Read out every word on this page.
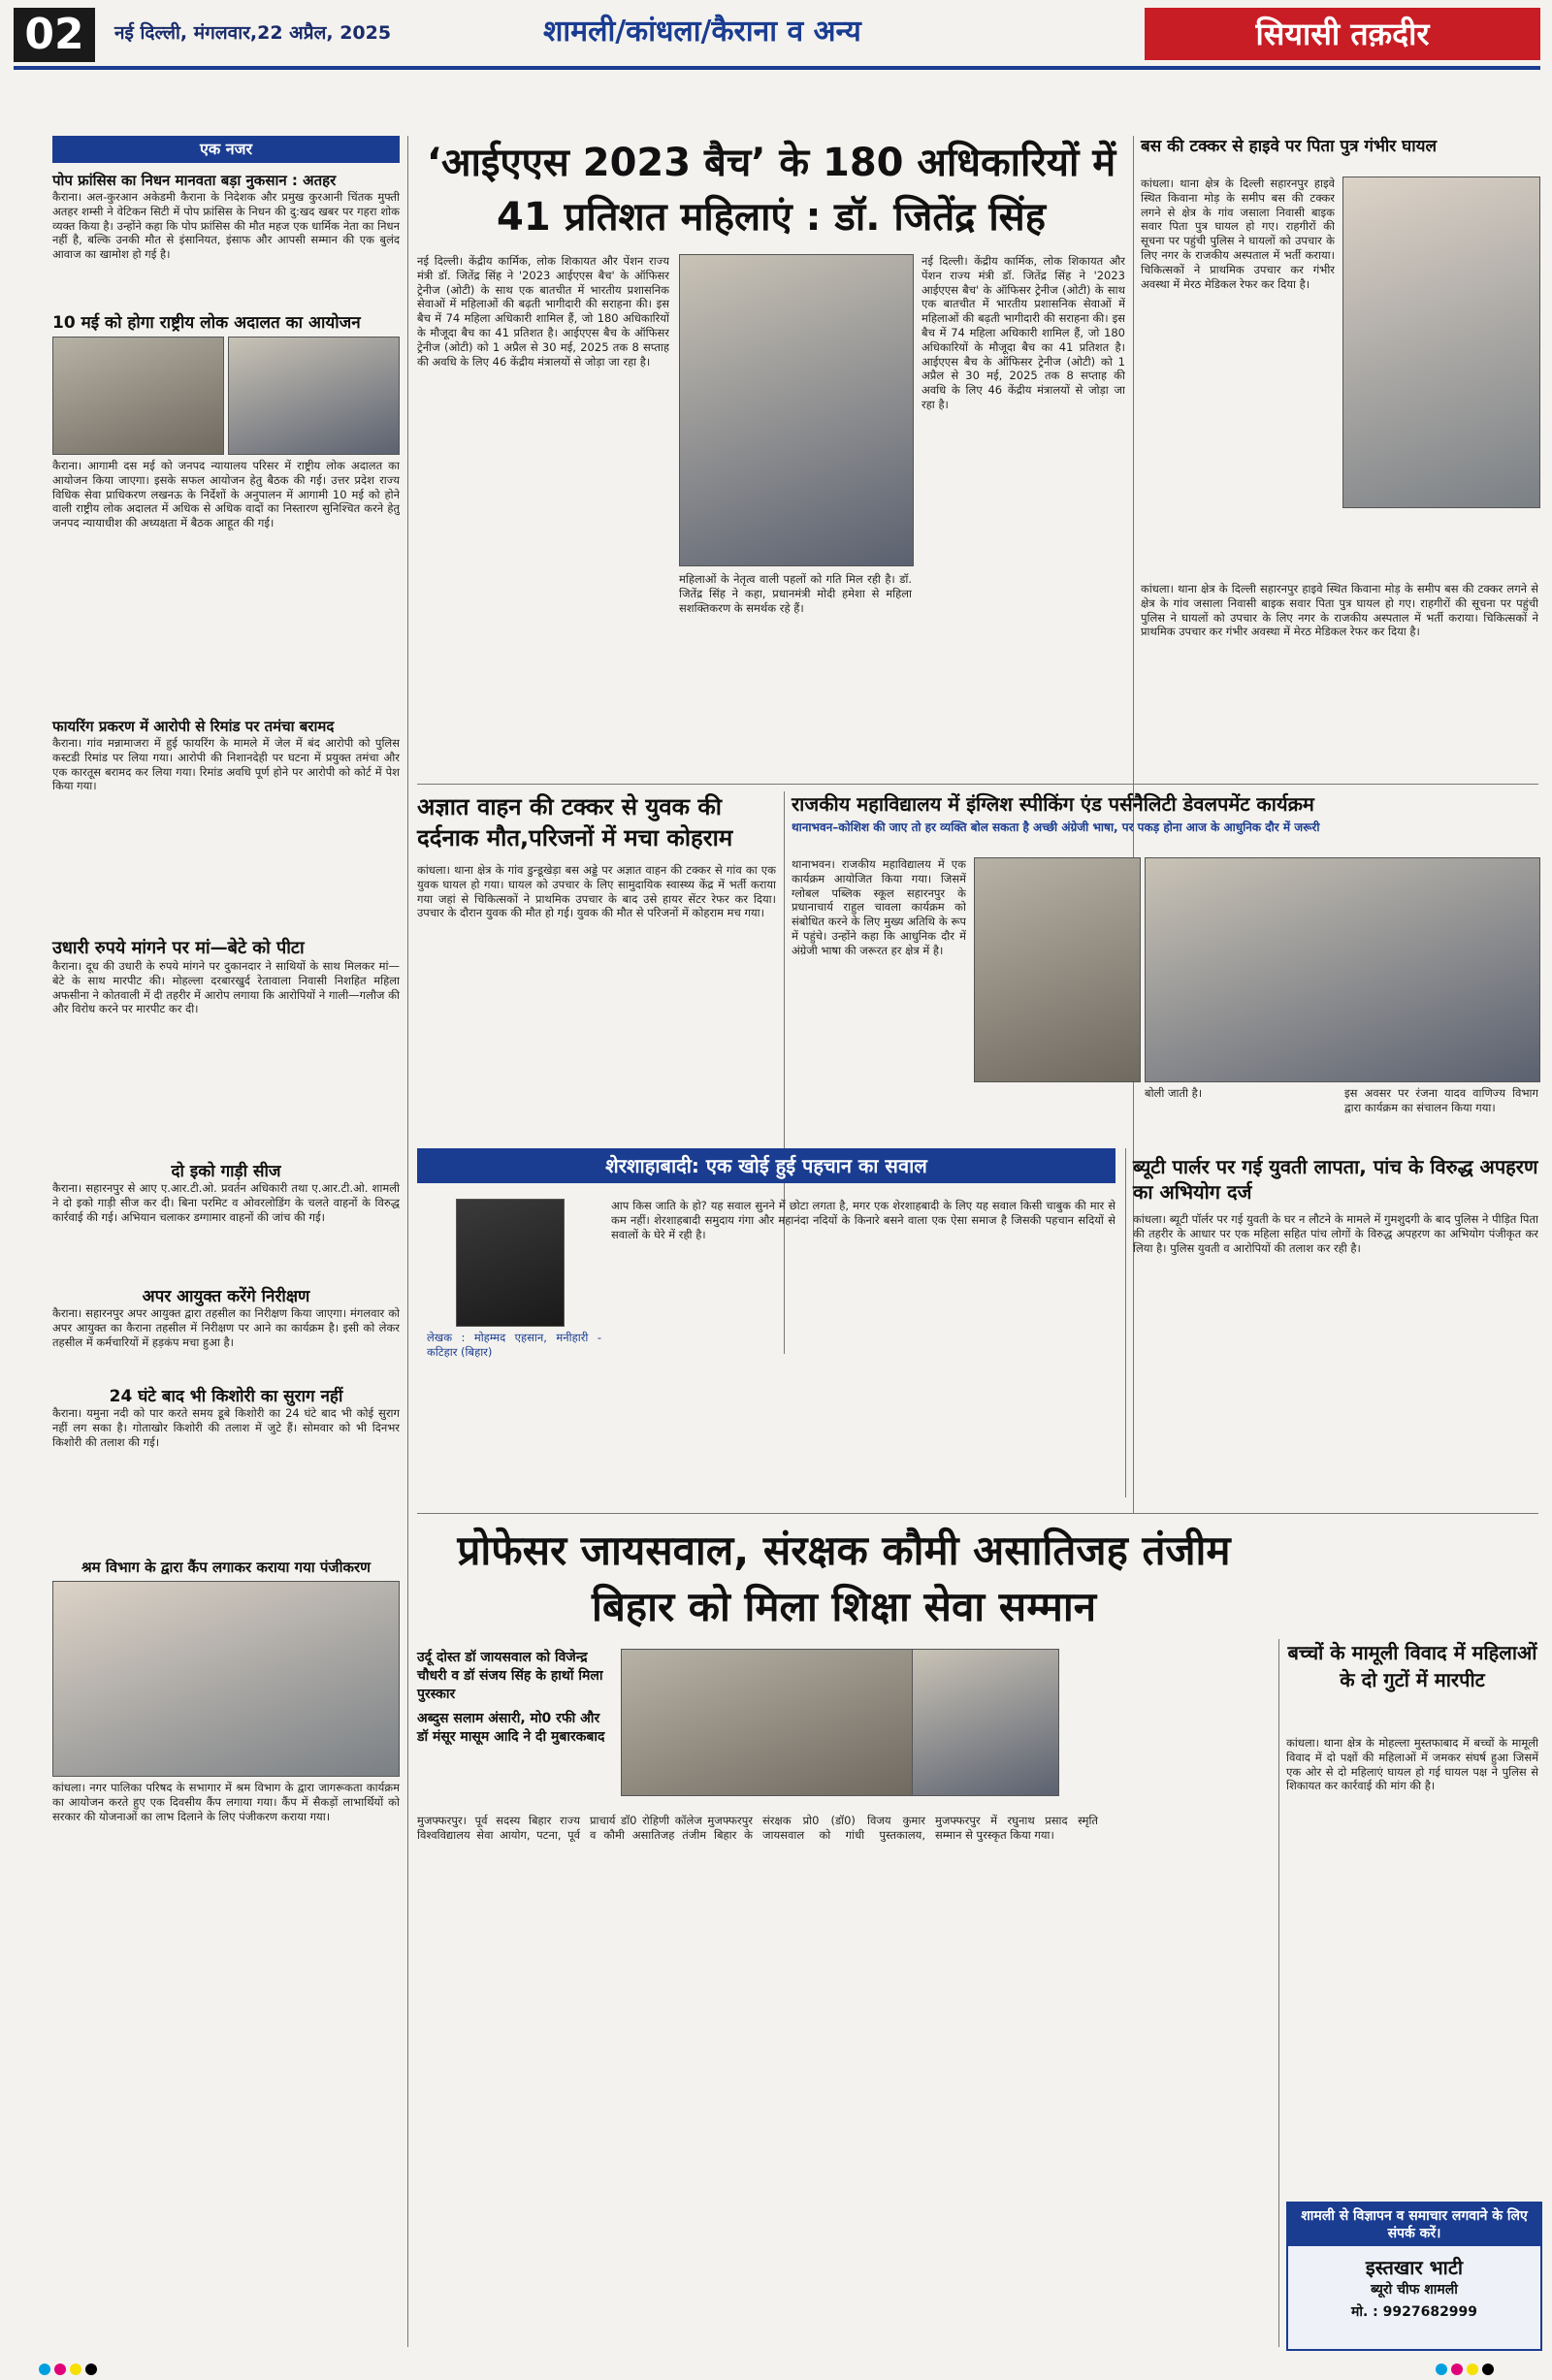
02	नई दिल्ली, मंगलवार,22 अप्रैल, 2025	शामली/कांधला/कैराना व अन्य	सियासी तक़दीर
एक नजर
पोप फ्रांसिस का निधन मानवता बड़ा नुकसान : अतहर
कैराना। अल-कुरआन अकेडमी कैराना के निदेशक और प्रमुख कुरआनी चिंतक मुफ्ती अतहर शम्सी ने वेटिकन सिटी में पोप फ्रांसिस के निधन की दु:खद खबर पर गहरा शोक व्यक्त किया है। उन्होंने कहा कि पोप फ्रांसिस की मौत महज एक धार्मिक नेता का निधन नहीं है, बल्कि उनकी मौत से इंसानियत, इंसाफ और आपसी सम्मान की एक बुलंद आवाज का खामोश हो गई है।
10 मई को होगा राष्ट्रीय लोक अदालत का आयोजन
कैराना। आगामी दस मई को जनपद न्यायालय परिसर में राष्ट्रीय लोक अदालत का आयोजन किया जाएगा। इसके सफल आयोजन हेतु बैठक की गई। उत्तर प्रदेश राज्य विधिक सेवा प्राधिकरण लखनऊ के निर्देशों के अनुपालन में आगामी 10 मई को होने वाली राष्ट्रीय लोक अदालत में अधिक से अधिक वादों का निस्तारण सुनिश्चित करने हेतु जनपद न्यायाधीश की अध्यक्षता में बैठक आहूत की गई।
फायरिंग प्रकरण में आरोपी से रिमांड पर तमंचा बरामद
कैराना। गांव मन्नामाजरा में हुई फायरिंग के मामले में जेल में बंद आरोपी को पुलिस कस्टडी रिमांड पर लिया गया। आरोपी की निशानदेही पर घटना में प्रयुक्त तमंचा और एक कारतूस बरामद कर लिया गया। रिमांड अवधि पूर्ण होने पर आरोपी को कोर्ट में पेश किया गया।
उधारी रुपये मांगने पर मां—बेटे को पीटा
कैराना। दूध की उधारी के रुपये मांगने पर दुकानदार ने साथियों के साथ मिलकर मां—बेटे के साथ मारपीट की। मोहल्ला दरबारखुर्द रेतावाला निवासी निशहित महिला अफसीना ने कोतवाली में दी तहरीर में आरोप लगाया कि आरोपियों ने गाली—गलौज की और विरोध करने पर मारपीट कर दी।
दो इको गाड़ी सीज
कैराना। सहारनपुर से आए ए.आर.टी.ओ. प्रवर्तन अधिकारी तथा ए.आर.टी.ओ. शामली ने दो इको गाड़ी सीज कर दी। बिना परमिट व ओवरलोडिंग के चलते वाहनों के विरुद्ध कार्रवाई की गई। अभियान चलाकर डग्गामार वाहनों की जांच की गई।
अपर आयुक्त करेंगे निरीक्षण
कैराना। सहारनपुर अपर आयुक्त द्वारा तहसील का निरीक्षण किया जाएगा। मंगलवार को अपर आयुक्त का कैराना तहसील में निरीक्षण पर आने का कार्यक्रम है। इसी को लेकर तहसील में कर्मचारियों में हड़कंप मचा हुआ है।
24 घंटे बाद भी किशोरी का सुराग नहीं
कैराना। यमुना नदी को पार करते समय डूबे किशोरी का 24 घंटे बाद भी कोई सुराग नहीं लग सका है। गोताखोर किशोरी की तलाश में जुटे हैं। सोमवार को भी दिनभर किशोरी की तलाश की गई।
श्रम विभाग के द्वारा कैंप लगाकर कराया गया पंजीकरण
कांधला। नगर पालिका परिषद के सभागार में श्रम विभाग के द्वारा जागरूकता कार्यक्रम का आयोजन करते हुए एक दिवसीय कैंप लगाया गया। कैंप में सैकड़ों लाभार्थियों को सरकार की योजनाओं का लाभ दिलाने के लिए पंजीकरण कराया गया।
‘आईएएस 2023 बैच’ के 180 अधिकारियों में 41 प्रतिशत महिलाएं : डॉ. जितेंद्र सिंह
नई दिल्ली। केंद्रीय कार्मिक, लोक शिकायत और पेंशन राज्य मंत्री डॉ. जितेंद्र सिंह ने '2023 आईएएस बैच' के ऑफिसर ट्रेनीज (ओटी) के साथ एक बातचीत में भारतीय प्रशासनिक सेवाओं में महिलाओं की बढ़ती भागीदारी की सराहना की। इस बैच में 74 महिला अधिकारी शामिल हैं, जो 180 अधिकारियों के मौजूदा बैच का 41 प्रतिशत है। आईएएस बैच के ऑफिसर ट्रेनीज (ओटी) को 1 अप्रैल से 30 मई, 2025 तक 8 सप्ताह की अवधि के लिए 46 केंद्रीय मंत्रालयों से जोड़ा जा रहा है।
महिलाओं के नेतृत्व वाली पहलों को गति मिल रही है। डॉ. जितेंद्र सिंह ने कहा, प्रधानमंत्री मोदी हमेशा से महिला सशक्तिकरण के समर्थक रहे हैं।
नई दिल्ली। केंद्रीय कार्मिक, लोक शिकायत और पेंशन राज्य मंत्री डॉ. जितेंद्र सिंह ने '2023 आईएएस बैच' के ऑफिसर ट्रेनीज (ओटी) के साथ एक बातचीत में भारतीय प्रशासनिक सेवाओं में महिलाओं की बढ़ती भागीदारी की सराहना की। इस बैच में 74 महिला अधिकारी शामिल हैं, जो 180 अधिकारियों के मौजूदा बैच का 41 प्रतिशत है। आईएएस बैच के ऑफिसर ट्रेनीज (ओटी) को 1 अप्रैल से 30 मई, 2025 तक 8 सप्ताह की अवधि के लिए 46 केंद्रीय मंत्रालयों से जोड़ा जा रहा है।
बस की टक्कर से हाइवे पर पिता पुत्र गंभीर घायल
कांधला। थाना क्षेत्र के दिल्ली सहारनपुर हाइवे स्थित किवाना मोड़ के समीप बस की टक्कर लगने से क्षेत्र के गांव जसाला निवासी बाइक सवार पिता पुत्र घायल हो गए। राहगीरों की सूचना पर पहुंची पुलिस ने घायलों को उपचार के लिए नगर के राजकीय अस्पताल में भर्ती कराया। चिकित्सकों ने प्राथमिक उपचार कर गंभीर अवस्था में मेरठ मेडिकल रेफर कर दिया है।
कांधला। थाना क्षेत्र के दिल्ली सहारनपुर हाइवे स्थित किवाना मोड़ के समीप बस की टक्कर लगने से क्षेत्र के गांव जसाला निवासी बाइक सवार पिता पुत्र घायल हो गए। राहगीरों की सूचना पर पहुंची पुलिस ने घायलों को उपचार के लिए नगर के राजकीय अस्पताल में भर्ती कराया। चिकित्सकों ने प्राथमिक उपचार कर गंभीर अवस्था में मेरठ मेडिकल रेफर कर दिया है।
अज्ञात वाहन की टक्कर से युवक की दर्दनाक मौत,परिजनों में मचा कोहराम
कांधला। थाना क्षेत्र के गांव डुन्डूखेड़ा बस अड्डे पर अज्ञात वाहन की टक्कर से गांव का एक युवक घायल हो गया। घायल को उपचार के लिए सामुदायिक स्वास्थ्य केंद्र में भर्ती कराया गया जहां से चिकित्सकों ने प्राथमिक उपचार के बाद उसे हायर सेंटर रेफर कर दिया। उपचार के दौरान युवक की मौत हो गई। युवक की मौत से परिजनों में कोहराम मच गया।
राजकीय महाविद्यालय में इंग्लिश स्पीकिंग एंड पर्सनैलिटी डेवलपमेंट कार्यक्रम
थानाभवन–कोशिश की जाए तो हर व्यक्ति बोल सकता है अच्छी अंग्रेजी भाषा, पर पकड़ होना आज के आधुनिक दौर में जरूरी
थानाभवन। राजकीय महाविद्यालय में एक कार्यक्रम आयोजित किया गया। जिसमें ग्लोबल पब्लिक स्कूल सहारनपुर के प्रधानाचार्य राहुल चावला कार्यक्रम को संबोधित करने के लिए मुख्य अतिथि के रूप में पहुंचे। उन्होंने कहा कि आधुनिक दौर में अंग्रेजी भाषा की जरूरत हर क्षेत्र में है।
बोली जाती है।	इस अवसर पर रंजना यादव वाणिज्य विभाग द्वारा कार्यक्रम का संचालन किया गया।
शेरशाहाबादी: एक खोई हुई पहचान का सवाल
लेखक : मोहम्मद एहसान, मनीहारी - कटिहार (बिहार)
आप किस जाति के हो? यह सवाल सुनने में छोटा लगता है, मगर एक शेरशाहबादी के लिए यह सवाल किसी चाबुक की मार से कम नहीं। शेरशाहबादी समुदाय गंगा और महानंदा नदियों के किनारे बसने वाला एक ऐसा समाज है जिसकी पहचान सदियों से सवालों के घेरे में रही है।
ब्यूटी पार्लर पर गई युवती लापता, पांच के विरुद्ध अपहरण का अभियोग दर्ज
कांधला। ब्यूटी पॉर्लर पर गई युवती के घर न लौटने के मामले में गुमशुदगी के बाद पुलिस ने पीड़ित पिता की तहरीर के आधार पर एक महिला सहित पांच लोगों के विरुद्ध अपहरण का अभियोग पंजीकृत कर लिया है। पुलिस युवती व आरोपियों की तलाश कर रही है।
प्रोफेसर जायसवाल, संरक्षक कौमी असातिजह तंजीम बिहार को मिला शिक्षा सेवा सम्मान
उर्दू दोस्त डॉ जायसवाल को विजेन्द्र चौधरी व डॉ संजय सिंह के हाथों मिला पुरस्कार
अब्दुस सलाम अंसारी, मो0 रफी और डॉ मंसूर मासूम आदि ने दी मुबारकबाद
मुजफ्फरपुर। पूर्व सदस्य बिहार राज्य विश्वविद्यालय सेवा आयोग, पटना, पूर्व प्राचार्य डॉ0 रोहिणी कॉलेज मुजफ्फरपुर व कौमी असातिजह तंजीम बिहार के संरक्षक प्रो0 (डॉ0) विजय कुमार जायसवाल को गांधी पुस्तकालय, मुजफ्फरपुर में रघुनाथ प्रसाद स्मृति सम्मान से पुरस्कृत किया गया।
बच्चों के मामूली विवाद में महिलाओं के दो गुटों में मारपीट
कांधला। थाना क्षेत्र के मोहल्ला मुस्तफाबाद में बच्चों के मामूली विवाद में दो पक्षों की महिलाओं में जमकर संघर्ष हुआ जिसमें एक ओर से दो महिलाएं घायल हो गई घायल पक्ष ने पुलिस से शिकायत कर कार्रवाई की मांग की है।
शामली से विज्ञापन व समाचार लगवाने के लिए संपर्क करें।
इस्तखार भाटी
ब्यूरो चीफ शामली
मो. : 9927682999
